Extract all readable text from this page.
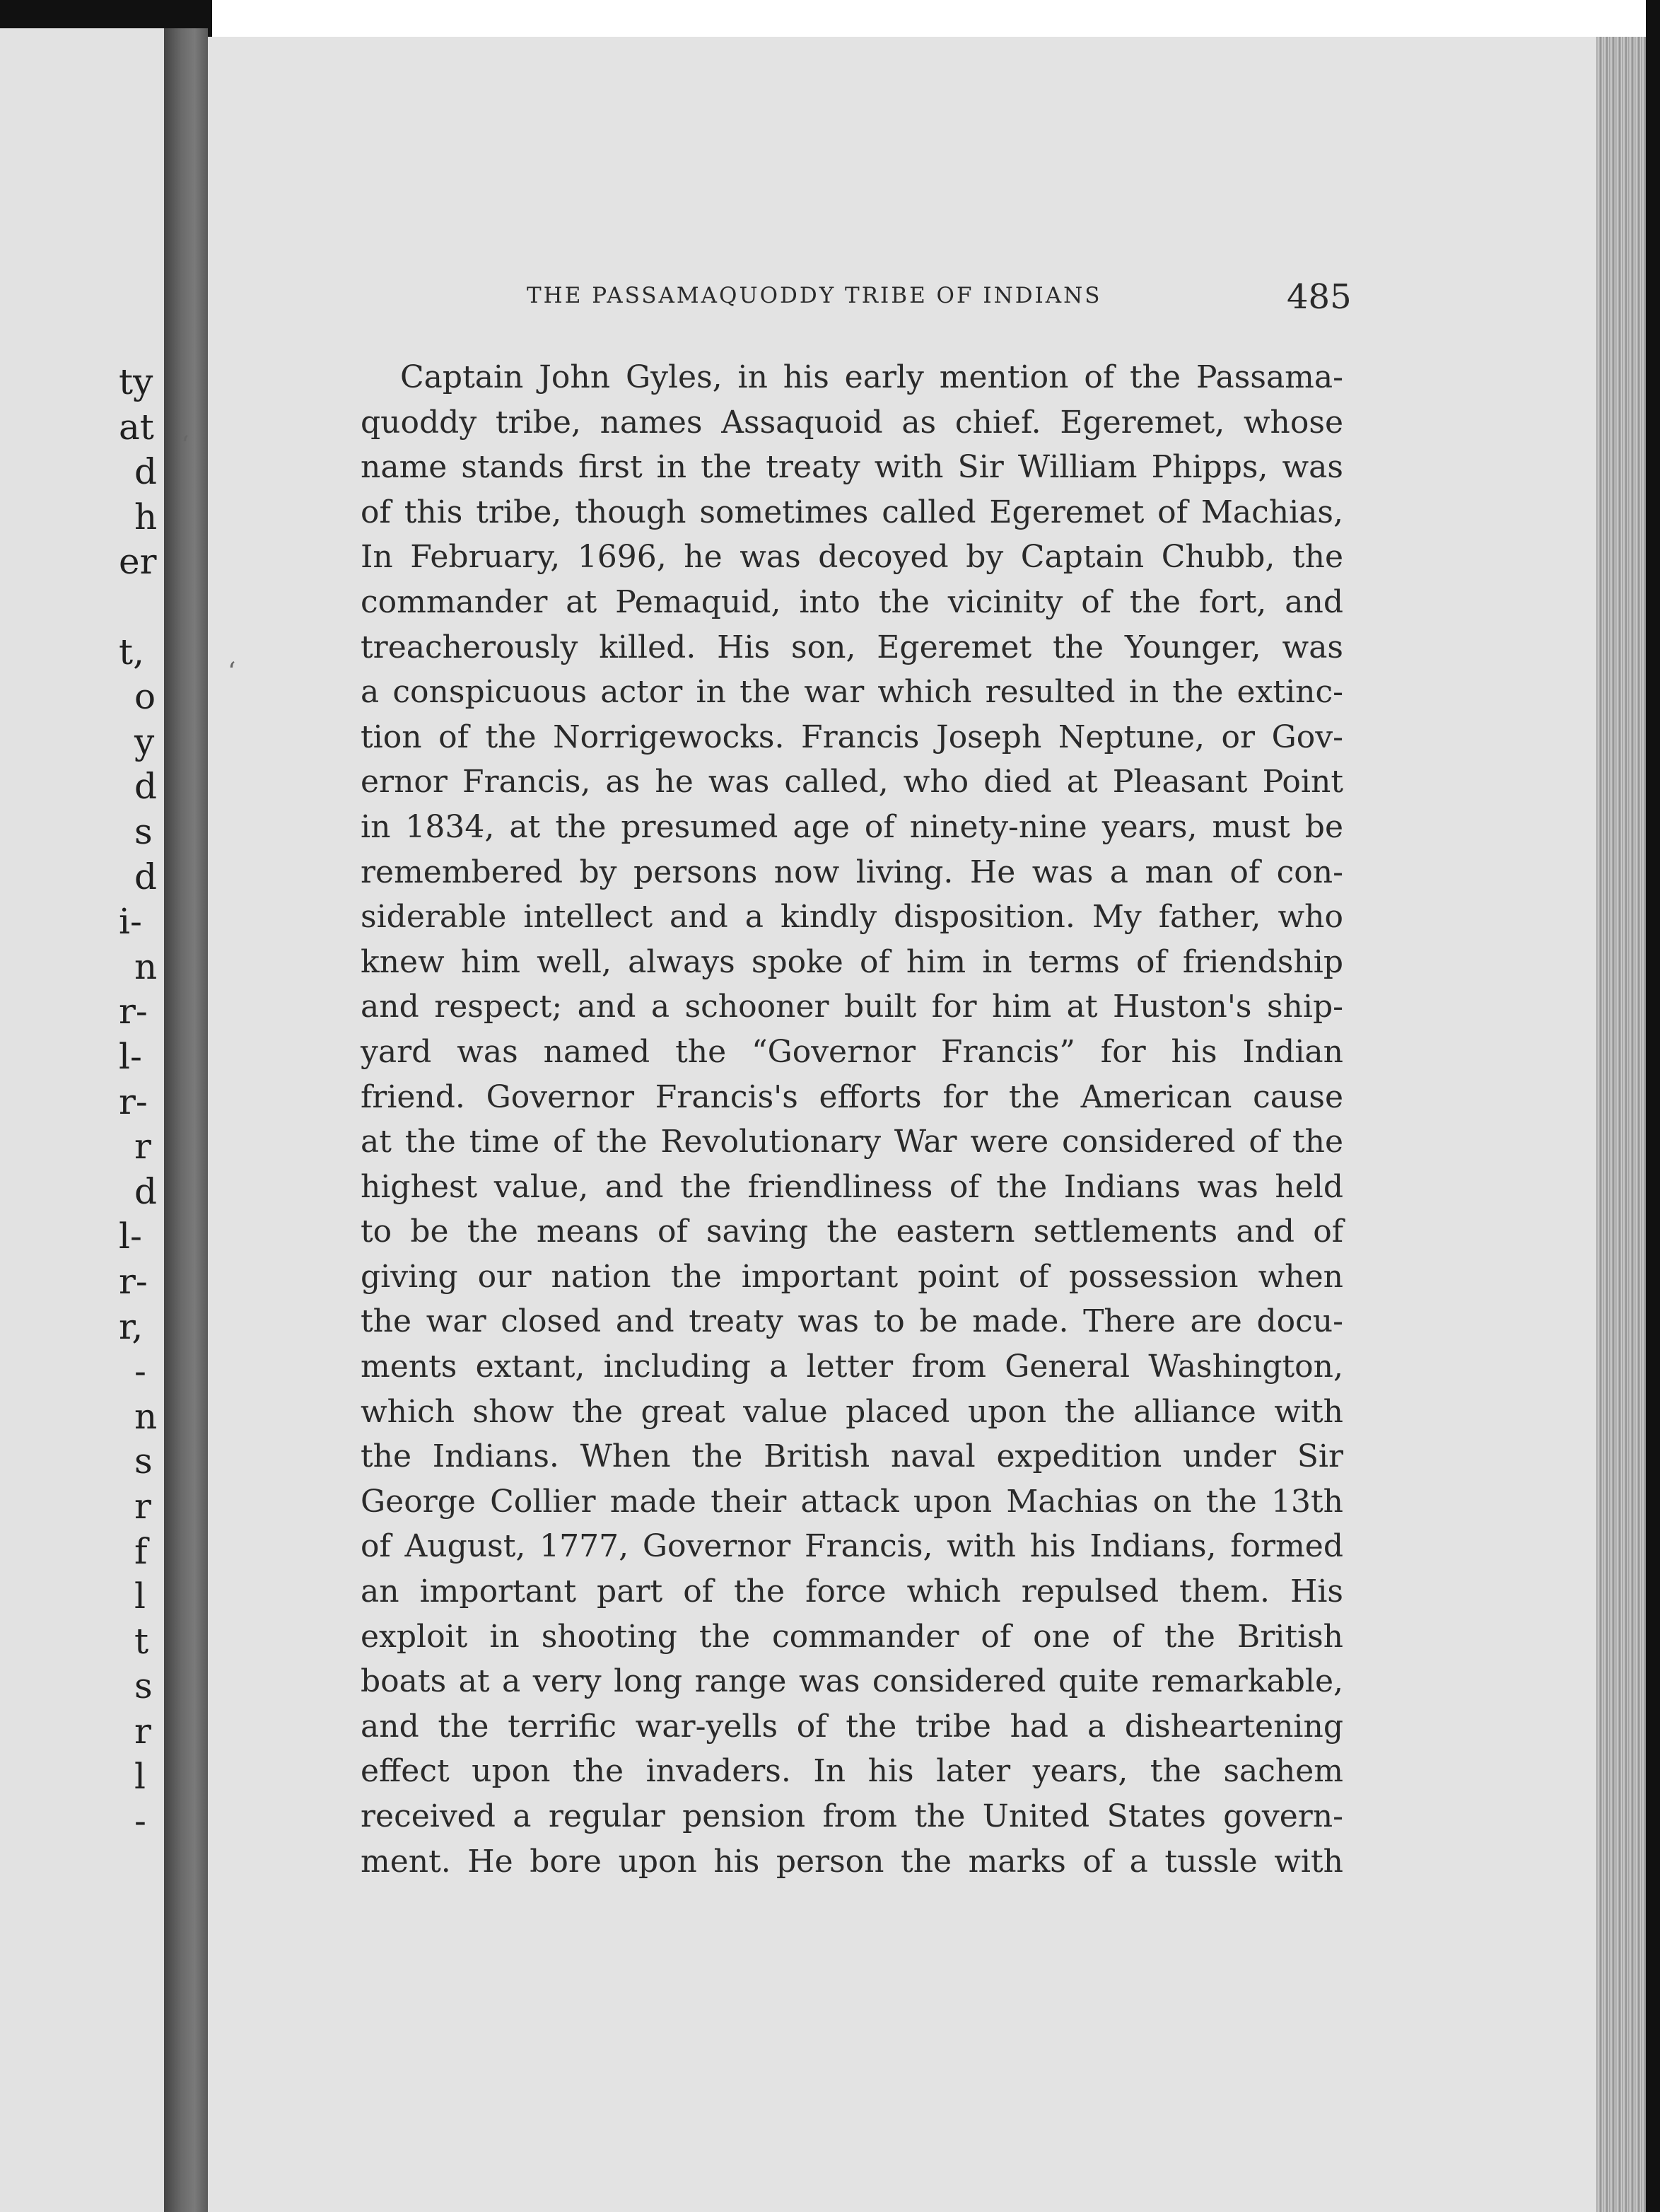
ty
at
d
h
er
t,
o
y
d
s
d
i-
n
r-
l-
r-
r
d
l-
r-
r,
-
n
s
r
f
l
t
s
r
l
-
THE PASSAMAQUODDY TRIBE OF INDIANS	485
Captain John Gyles, in his early mention of the Passama-
quoddy tribe, names Assaquoid as chief. Egeremet, whose
name stands first in the treaty with Sir William Phipps, was
of this tribe, though sometimes called Egeremet of Machias,
In February, 1696, he was decoyed by Captain Chubb, the
commander at Pemaquid, into the vicinity of the fort, and
treacherously killed. His son, Egeremet the Younger, was
a conspicuous actor in the war which resulted in the extinc-
tion of the Norrigewocks. Francis Joseph Neptune, or Gov-
ernor Francis, as he was called, who died at Pleasant Point
in 1834, at the presumed age of ninety-nine years, must be
remembered by persons now living. He was a man of con-
siderable intellect and a kindly disposition. My father, who
knew him well, always spoke of him in terms of friendship
and respect; and a schooner built for him at Huston's ship-
yard was named the “Governor Francis” for his Indian
friend. Governor Francis's efforts for the American cause
at the time of the Revolutionary War were considered of the
highest value, and the friendliness of the Indians was held
to be the means of saving the eastern settlements and of
giving our nation the important point of possession when
the war closed and treaty was to be made. There are docu-
ments extant, including a letter from General Washington,
which show the great value placed upon the alliance with
the Indians. When the British naval expedition under Sir
George Collier made their attack upon Machias on the 13th
of August, 1777, Governor Francis, with his Indians, formed
an important part of the force which repulsed them. His
exploit in shooting the commander of one of the British
boats at a very long range was considered quite remarkable,
and the terrific war-yells of the tribe had a disheartening
effect upon the invaders. In his later years, the sachem
received a regular pension from the United States govern-
ment. He bore upon his person the marks of a tussle with
‘
‘
